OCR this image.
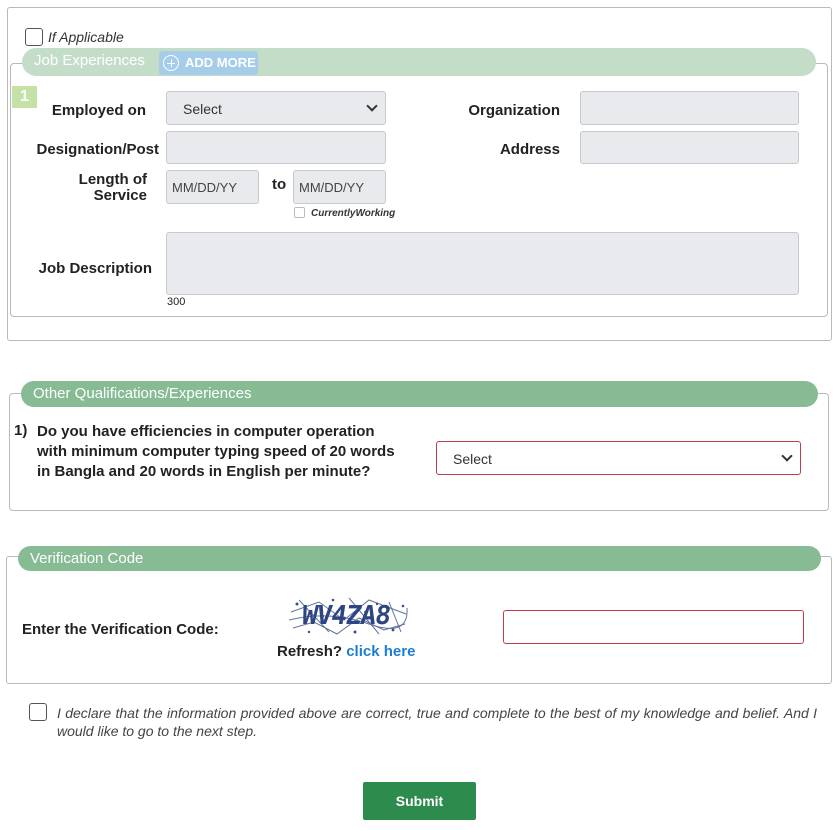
If Applicable
Job Experiences	ADD MORE
1
Employed on	Select	Organization
Designation/Post	Address
Length of Service MM/DD/YY to MM/DD/YY
CurrentlyWorking
Job Description
300
Other Qualifications/Experiences
1) Do you have efficiencies in computer operation with minimum computer typing speed of 20 words in Bangla and 20 words in English per minute?
Select
Verification Code
Enter the Verification Code:	WV4ZA8
Refresh? click here
I declare that the information provided above are correct, true and complete to the best of my knowledge and belief. And I would like to go to the next step.
Submit
